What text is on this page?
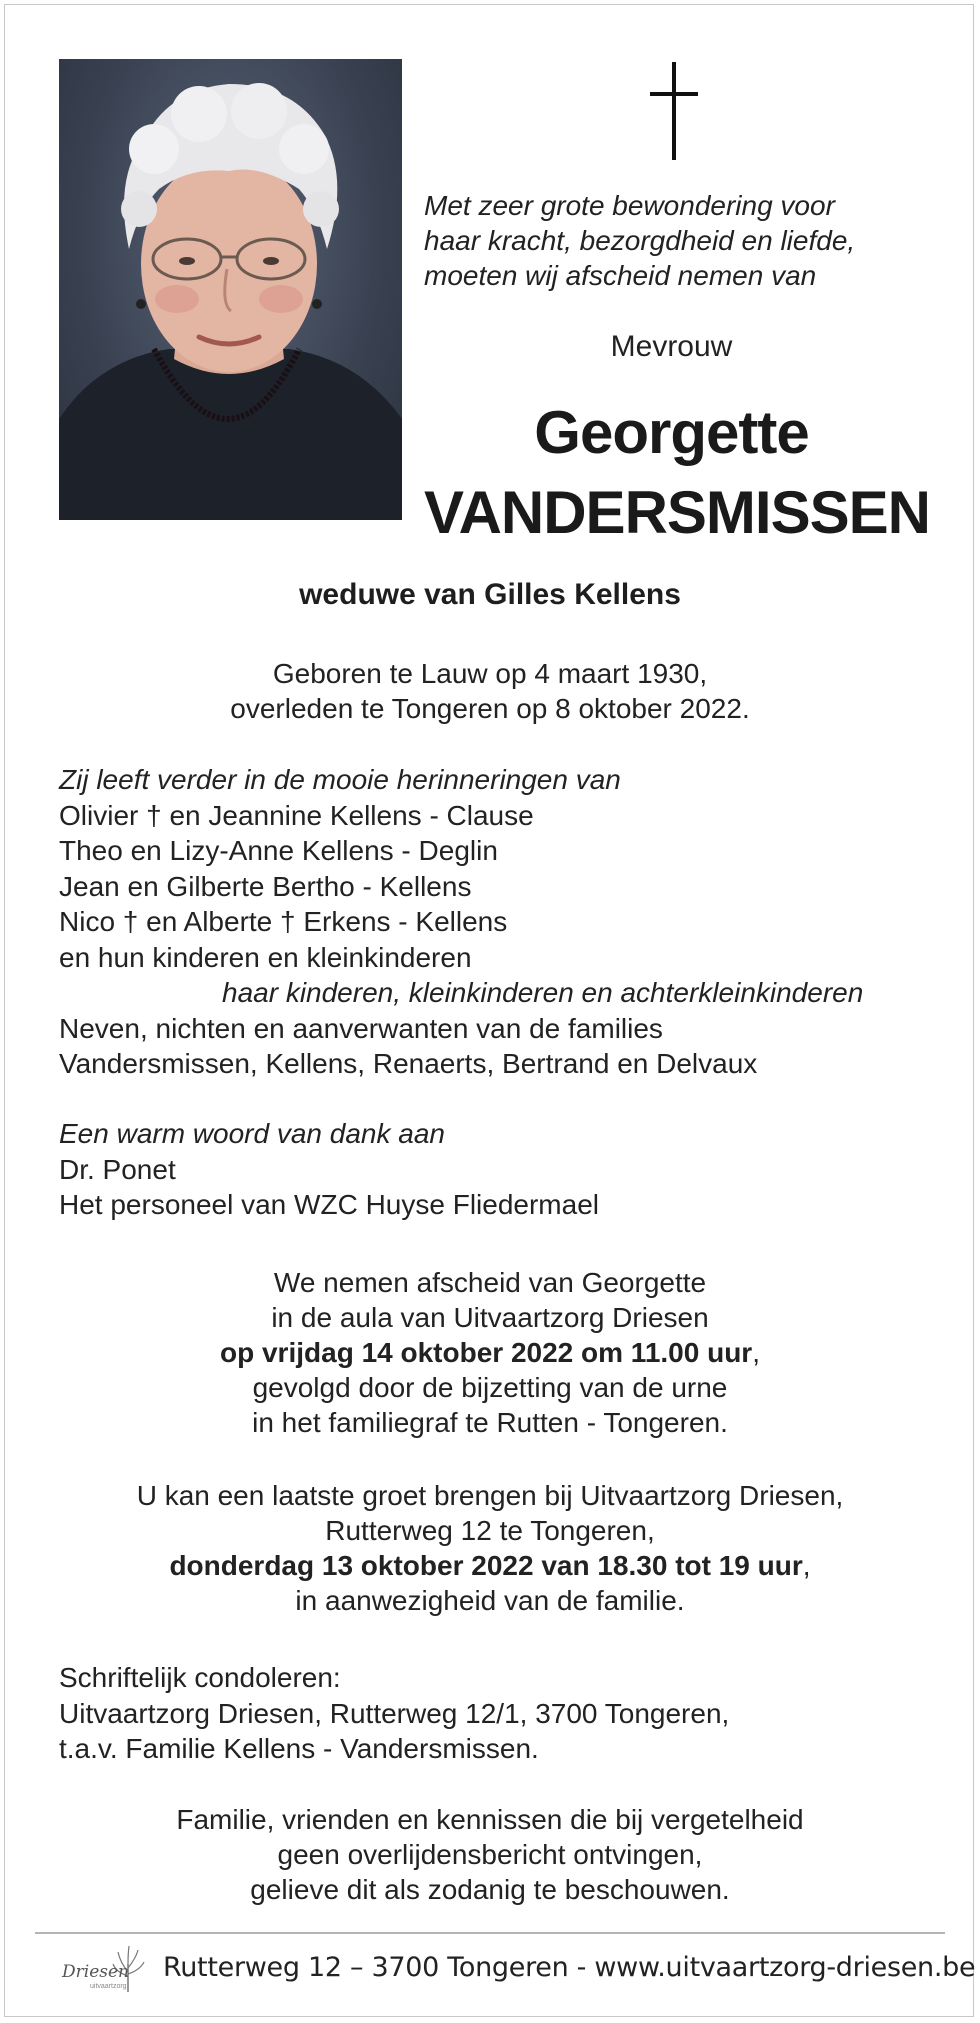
Met zeer grote bewondering voor
haar kracht, bezorgdheid en liefde,
moeten wij afscheid nemen van
Mevrouw
Georgette
VANDERSMISSEN
weduwe van Gilles Kellens
Geboren te Lauw op 4 maart 1930,
overleden te Tongeren op 8 oktober 2022.
Zij leeft verder in de mooie herinneringen van
Olivier † en Jeannine Kellens - Clause
Theo en Lizy-Anne Kellens - Deglin
Jean en Gilberte Bertho - Kellens
Nico † en Alberte † Erkens - Kellens
en hun kinderen en kleinkinderen
haar kinderen, kleinkinderen en achterkleinkinderen
Neven, nichten en aanverwanten van de families
Vandersmissen, Kellens, Renaerts, Bertrand en Delvaux
Een warm woord van dank aan
Dr. Ponet
Het personeel van WZC Huyse Fliedermael
We nemen afscheid van Georgette
in de aula van Uitvaartzorg Driesen
op vrijdag 14 oktober 2022 om 11.00 uur,
gevolgd door de bijzetting van de urne
in het familiegraf te Rutten - Tongeren.
U kan een laatste groet brengen bij Uitvaartzorg Driesen,
Rutterweg 12 te Tongeren,
donderdag 13 oktober 2022 van 18.30 tot 19 uur,
in aanwezigheid van de familie.
Schriftelijk condoleren:
Uitvaartzorg Driesen, Rutterweg 12/1, 3700 Tongeren,
t.a.v. Familie Kellens - Vandersmissen.
Familie, vrienden en kennissen die bij vergetelheid
geen overlijdensbericht ontvingen,
gelieve dit als zodanig te beschouwen.
Driesen
uitvaartzorg
Rutterweg 12 – 3700 Tongeren - www.uitvaartzorg-driesen.be
